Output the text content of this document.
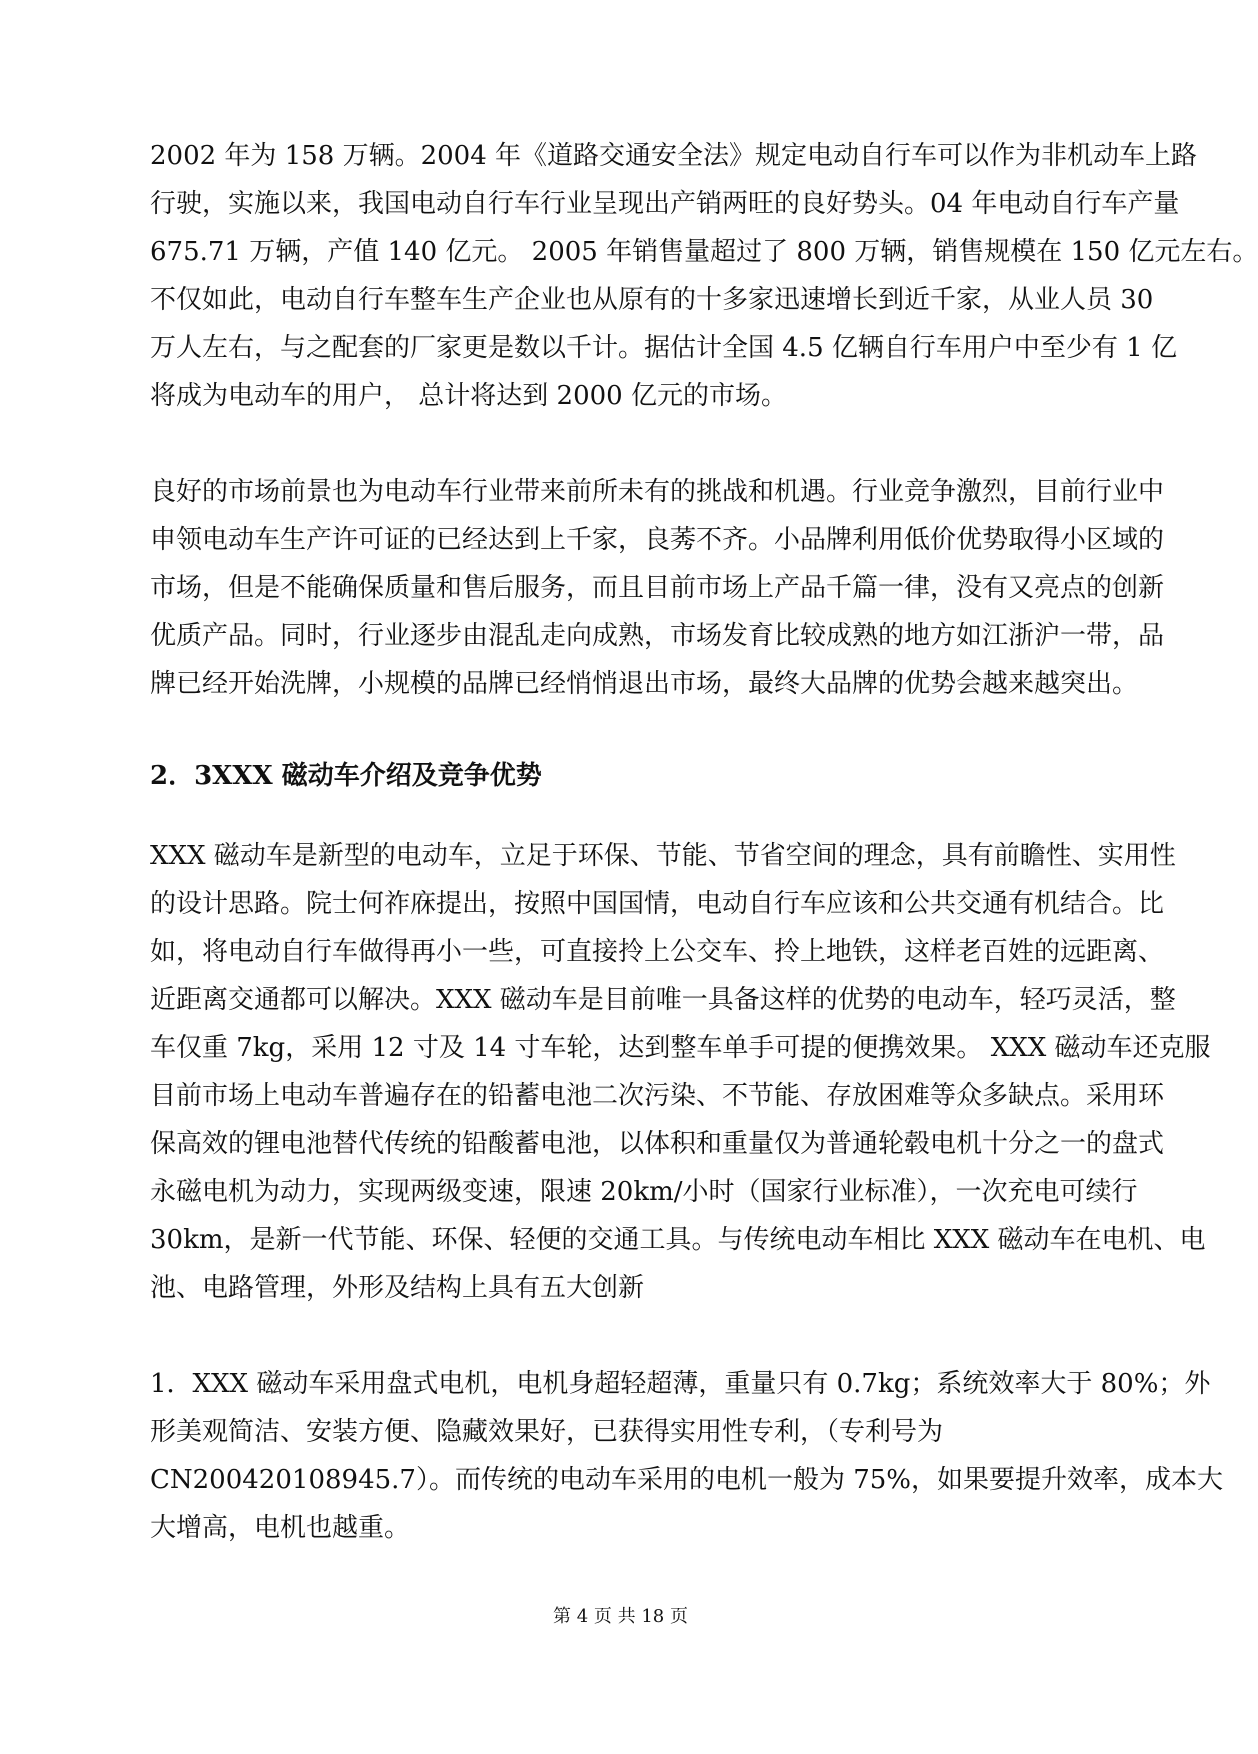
2002 年为 158 万辆。2004 年《道路交通安全法》规定电动自行车可以作为非机动车上路
行驶，实施以来，我国电动自行车行业呈现出产销两旺的良好势头。04 年电动自行车产量
675.71 万辆，产值 140 亿元。 2005 年销售量超过了 800 万辆，销售规模在 150 亿元左右。
不仅如此，电动自行车整车生产企业也从原有的十多家迅速增长到近千家，从业人员 30
万人左右，与之配套的厂家更是数以千计。据估计全国 4.5 亿辆自行车用户中至少有 1 亿
将成为电动车的用户， 总计将达到 2000 亿元的市场。
良好的市场前景也为电动车行业带来前所未有的挑战和机遇。行业竞争激烈，目前行业中
申领电动车生产许可证的已经达到上千家，良莠不齐。小品牌利用低价优势取得小区域的
市场，但是不能确保质量和售后服务，而且目前市场上产品千篇一律，没有又亮点的创新
优质产品。同时，行业逐步由混乱走向成熟，市场发育比较成熟的地方如江浙沪一带，品
牌已经开始洗牌，小规模的品牌已经悄悄退出市场，最终大品牌的优势会越来越突出。
2．3XXX 磁动车介绍及竞争优势
XXX 磁动车是新型的电动车，立足于环保、节能、节省空间的理念，具有前瞻性、实用性
的设计思路。院士何祚庥提出，按照中国国情，电动自行车应该和公共交通有机结合。比
如，将电动自行车做得再小一些，可直接拎上公交车、拎上地铁，这样老百姓的远距离、
近距离交通都可以解决。XXX 磁动车是目前唯一具备这样的优势的电动车，轻巧灵活，整
车仅重 7kg，采用 12 寸及 14 寸车轮，达到整车单手可提的便携效果。 XXX 磁动车还克服
目前市场上电动车普遍存在的铅蓄电池二次污染、不节能、存放困难等众多缺点。采用环
保高效的锂电池替代传统的铅酸蓄电池，以体积和重量仅为普通轮毂电机十分之一的盘式
永磁电机为动力，实现两级变速，限速 20km/小时（国家行业标准），一次充电可续行
30km，是新一代节能、环保、轻便的交通工具。与传统电动车相比 XXX 磁动车在电机、电
池、电路管理，外形及结构上具有五大创新
1．XXX 磁动车采用盘式电机，电机身超轻超薄，重量只有 0.7kg；系统效率大于 80%；外
形美观简洁、安装方便、隐藏效果好，已获得实用性专利，（专利号为
CN200420108945.7）。而传统的电动车采用的电机一般为 75%，如果要提升效率，成本大
大增高，电机也越重。
第 4 页 共 18 页
